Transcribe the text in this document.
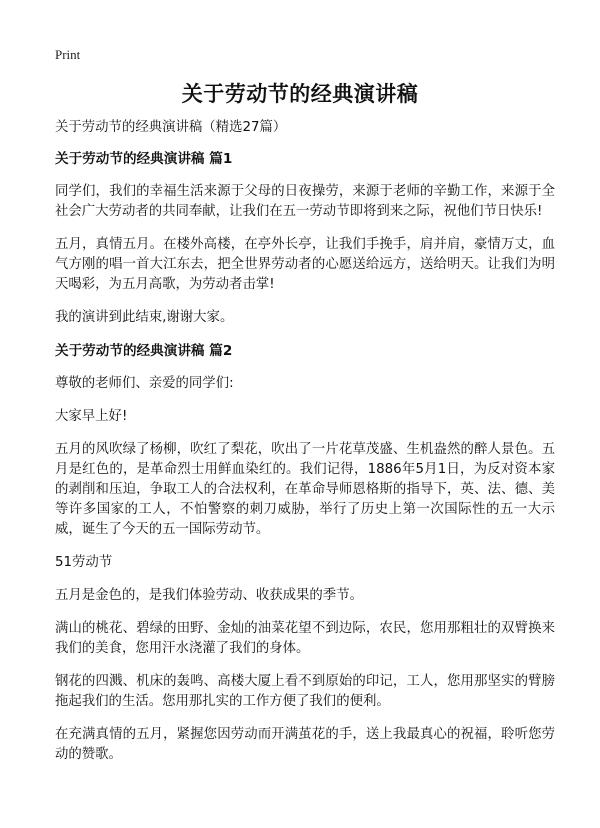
Print
关于劳动节的经典演讲稿

关于劳动节的经典演讲稿（精选27篇）

关于劳动节的经典演讲稿 篇1

同学们，我们的幸福生活来源于父母的日夜操劳，来源于老师的辛勤工作，来源于全社会广大劳动者的共同奉献，让我们在五一劳动节即将到来之际，祝他们节日快乐!

五月，真情五月。在楼外高楼，在亭外长亭，让我们手挽手，肩并肩，豪情万丈，血气方刚的唱一首大江东去，把全世界劳动者的心愿送给远方，送给明天。让我们为明天喝彩，为五月高歌，为劳动者击掌!

我的演讲到此结束,谢谢大家。

关于劳动节的经典演讲稿 篇2

尊敬的老师们、亲爱的同学们:

大家早上好!

五月的风吹绿了杨柳，吹红了梨花，吹出了一片花草茂盛、生机盎然的醉人景色。五月是红色的，是革命烈士用鲜血染红的。我们记得，1886年5月1日，为反对资本家的剥削和压迫，争取工人的合法权利，在革命导师恩格斯的指导下，英、法、德、美等许多国家的工人，不怕警察的刺刀威胁，举行了历史上第一次国际性的五一大示威，诞生了今天的五一国际劳动节。

51劳动节

五月是金色的，是我们体验劳动、收获成果的季节。

满山的桃花、碧绿的田野、金灿的油菜花望不到边际，农民，您用那粗壮的双臂换来我们的美食，您用汗水浇灌了我们的身体。

钢花的四溅、机床的轰鸣、高楼大厦上看不到原始的印记，工人，您用那坚实的臂膀拖起我们的生活。您用那扎实的工作方便了我们的便利。

在充满真情的五月，紧握您因劳动而开满茧花的手，送上我最真心的祝福，聆听您劳动的赞歌。
